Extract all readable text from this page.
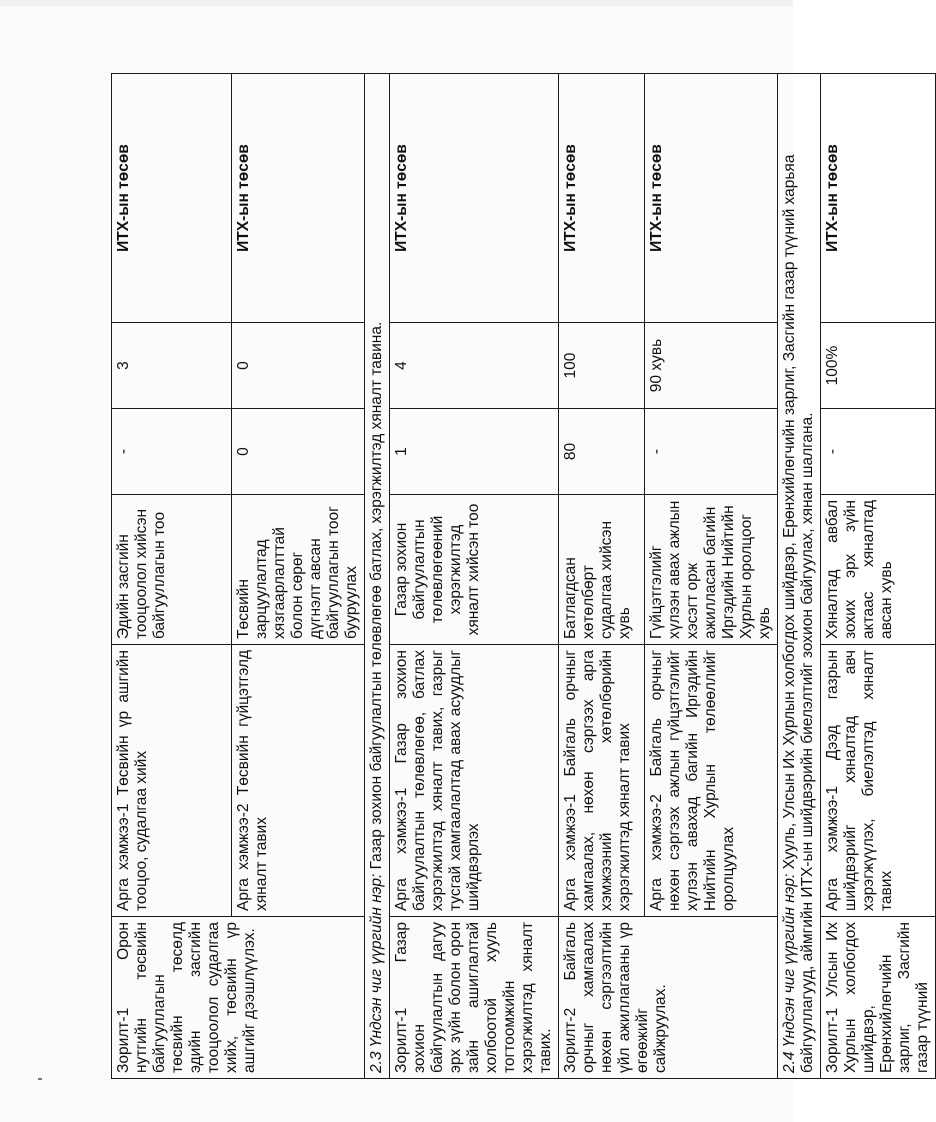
Зорилт-1 Орон нутгийн төсвийн байгууллагын төсвийн төсөлд эдийн засгийн тооцоолол судалгаа хийх, төсвийн үр ашгийг дээшлүүлэх.	Арга хэмжээ-1 Төсвийн үр ашгийн тооцоо, судалгаа хийх	Эдийн засгийн тооцоолол хийсэн байгууллагын тоо	-	3	ИТХ-ын төсөв
	Арга хэмжээ-2 Төсвийн гүйцэтгэлд хяналт тавих	Төсвийн зарцуулалтад хязгаарлалттай болон сөрөг дүгнэлт авсан байгууллагын тоог бууруулах	0	0	ИТХ-ын төсөв
2.3 Үндсэн чиг үүргийн нэр: Газар зохион байгуулалтын төлөвлөгөө батлах, хэрэгжилтэд хяналт тавина.					
Зорилт-1 Газар зохион байгуулалтын дагуу эрх зүйн болон орон зайн ашиглалтай холбоотой хууль тогтоомжийн хэрэгжилтэд хяналт тавих.	Арга хэмжээ-1 Газар зохион байгуулалтын төлөвлөгөө, батлах хэрэгжилтэд хяналт тавих, газрыг тусгай хамгаалалтад авах асуудлыг шийдвэрлэх	Газар зохион байгуулалтын төлөвлөгөөний хэрэгжилтэд хяналт хийсэн тоо	1	4	ИТХ-ын төсөв
Зорилт-2 Байгаль орчныг хамгаалах нөхөн сэргээлтийн үйл ажиллагааны үр өгөөжийг сайжруулах.	Арга хэмжээ-1 Байгаль орчныг хамгаалах, нөхөн сэргээх арга хэмжээний хөтөлбөрийн хэрэгжилтэд хяналт тавих	Батлагдсан хөтөлбөрт судалгаа хийсэн хувь	80	100	ИТХ-ын төсөв
	Арга хэмжээ-2 Байгаль орчныг нөхөн сэргээх ажлын гүйцэтгэлийг хүлээн авахад багийн Иргэдийн Нийтийн Хурлын төлөөллийг оролцуулах	Гүйцэтгэлийг хүлээн авах ажлын хэсэгт орж ажилласан багийн Иргэдийн Нийтийн Хурлын оролцоог хувь	-	90 хувь	ИТХ-ын төсөв
2.4 Үндсэн чиг үүргийн нэр: Хууль, Улсын Их Хурлын холбогдох шийдвэр, Ерөнхийлөгчийн зарлиг, Засгийн газар түүний харьяа байгууллагууд, аймгийн ИТХ-ын шийдвэрийн биелэлтийг зохион байгуулах, хянан шалгана.					
Зорилт-1 Улсын Их Хурлын холбогдох шийдвэр, Ерөнхийлөгчийн зарлиг, Засгийн газар түүний	Арга хэмжээ-1 Дээд газрын шийдвэрийг хяналтад авч хэрэгжүүлэх, биелэлтэд хяналт тавих	Хяналтад авбал зохих эрх зүйн актаас хяналтад авсан хувь	-	100%	ИТХ-ын төсөв
